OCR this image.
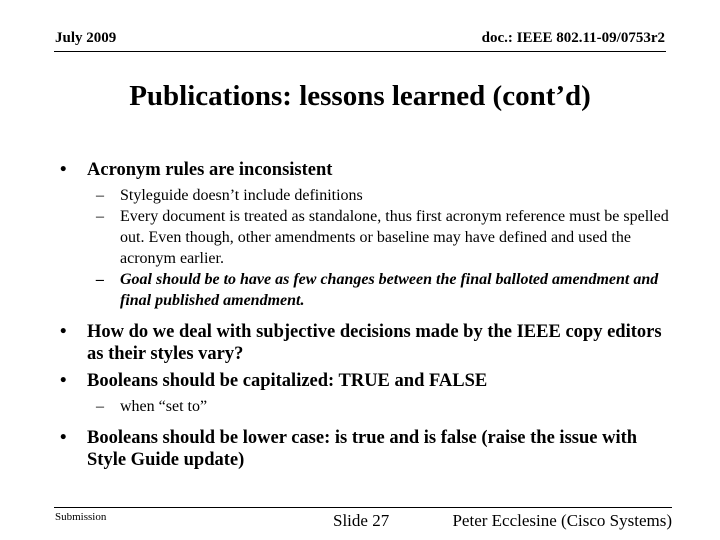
July 2009	doc.: IEEE 802.11-09/0753r2
Publications: lessons learned (cont’d)
• Acronym rules are inconsistent
– Styleguide doesn’t include definitions
– Every document is treated as standalone, thus first acronym reference must be spelled out. Even though, other amendments or baseline may have defined and used the acronym earlier.
– Goal should be to have as few changes between the final balloted amendment and final published amendment.
• How do we deal with subjective decisions made by the IEEE copy editors as their styles vary?
• Booleans should be capitalized: TRUE and FALSE
– when “set to”
• Booleans should be lower case: is true and is false (raise the issue with Style Guide update)
Submission	Slide 27	Peter Ecclesine (Cisco Systems)
